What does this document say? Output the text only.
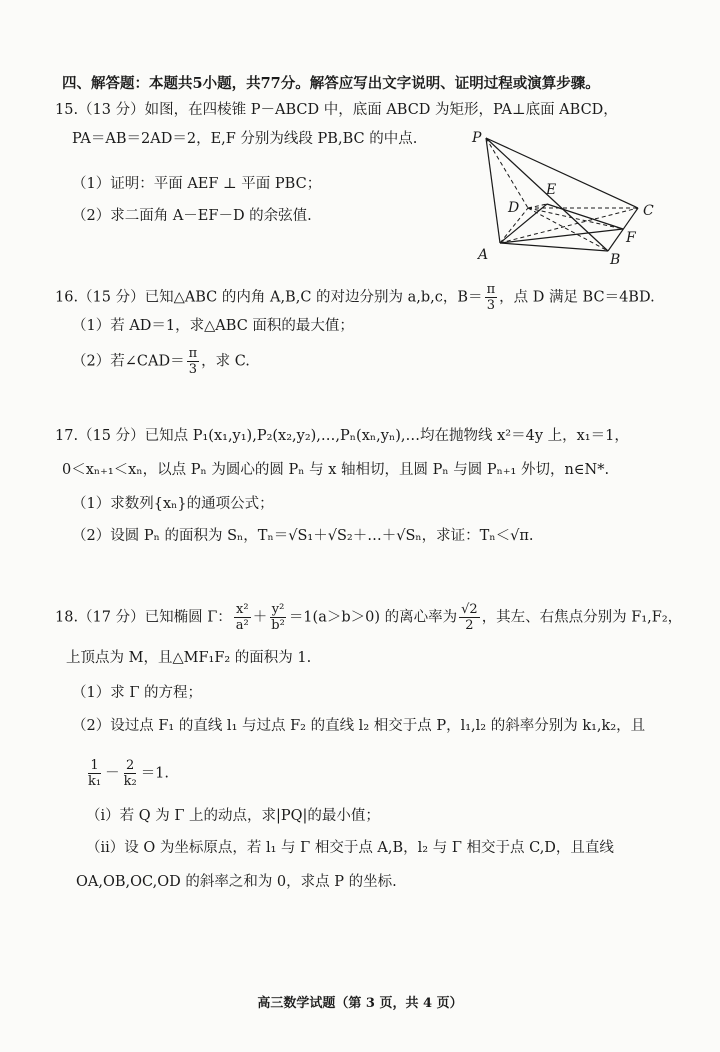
四、解答题：本题共5小题，共77分。解答应写出文字说明、证明过程或演算步骤。
15.（13 分）如图，在四棱锥 P－ABCD 中，底面 ABCD 为矩形，PA⊥底面 ABCD，
PA＝AB＝2AD＝2，E,F 分别为线段 PB,BC 的中点.
（1）证明：平面 AEF ⊥ 平面 PBC；
（2）求二面角 A－EF－D 的余弦值.
P
E
D	C
F
A	B
16.（15 分）已知△ABC 的内角 A,B,C 的对边分别为 a,b,c，$B= \frac{\pi}{3}$ ，点 D 满足 BC＝4BD.
（1）若 AD＝1，求△ABC 面积的最大值；
（2）若∠CAD＝ $\frac{\pi}{3}$ ，求 C.
17.（15 分）已知点 P₁(x₁,y₁),P₂(x₂,y₂),…,Pₙ(xₙ,yₙ),…均在抛物线 x²＝4y 上，x₁＝1，
0＜xₙ₊₁＜xₙ，以点 Pₙ 为圆心的圆 Pₙ 与 x 轴相切，且圆 Pₙ 与圆 Pₙ₊₁ 外切，n∈N*.
（1）求数列{xₙ}的通项公式；
（2）设圆 Pₙ 的面积为 Sₙ，Tₙ＝√S₁＋√S₂＋…＋√Sₙ，求证：Tₙ＜√π.
18.（17 分）已知椭圆 Γ： $\frac{\text{x²}}{\text{a²}} + \frac{\text{y²}}{\text{b²}} =1(a>b>0)$ 的离心率为 $\frac{√2}{2}$ ，其左、右焦点分别为 F₁,F₂，
上顶点为 M，且△MF₁F₂ 的面积为 1.
（1）求 Γ 的方程；
（2）设过点 F₁ 的直线 l₁ 与过点 F₂ 的直线 l₂ 相交于点 P，l₁,l₂ 的斜率分别为 k₁,k₂，且
$\frac{1}{\text{k₁}} - \frac{2}{\text{k₂}} =1$.
（i）若 Q 为 Γ 上的动点，求|PQ|的最小值；
（ii）设 O 为坐标原点，若 l₁ 与 Γ 相交于点 A,B，l₂ 与 Γ 相交于点 C,D，且直线
OA,OB,OC,OD 的斜率之和为 0，求点 P 的坐标.
高三数学试题（第 3 页，共 4 页）
